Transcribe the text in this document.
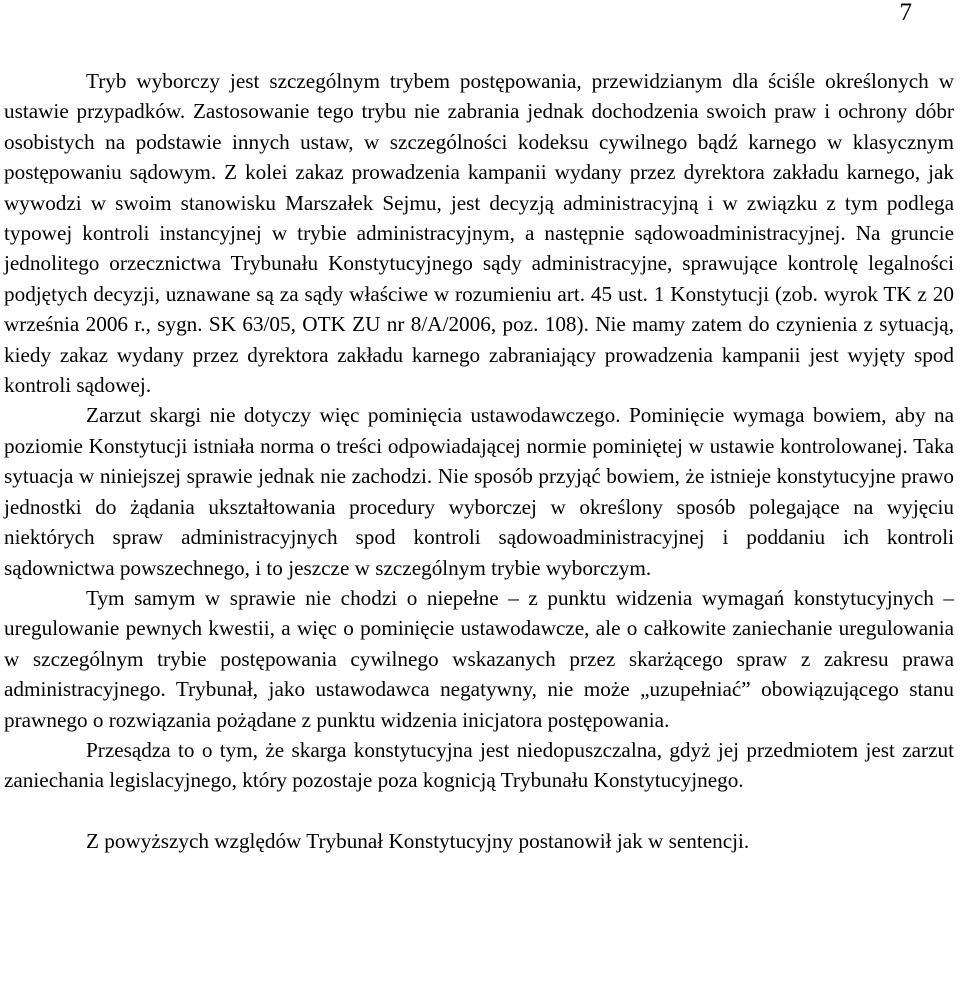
7

Tryb wyborczy jest szczególnym trybem postępowania, przewidzianym dla ściśle określonych w ustawie przypadków. Zastosowanie tego trybu nie zabrania jednak dochodzenia swoich praw i ochrony dóbr osobistych na podstawie innych ustaw, w szczególności kodeksu cywilnego bądź karnego w klasycznym postępowaniu sądowym. Z kolei zakaz prowadzenia kampanii wydany przez dyrektora zakładu karnego, jak wywodzi w swoim stanowisku Marszałek Sejmu, jest decyzją administracyjną i w związku z tym podlega typowej kontroli instancyjnej w trybie administracyjnym, a następnie sądowoadministracyjnej. Na gruncie jednolitego orzecznictwa Trybunału Konstytucyjnego sądy administracyjne, sprawujące kontrolę legalności podjętych decyzji, uznawane są za sądy właściwe w rozumieniu art. 45 ust. 1 Konstytucji (zob. wyrok TK z 20 września 2006 r., sygn. SK 63/05, OTK ZU nr 8/A/2006, poz. 108). Nie mamy zatem do czynienia z sytuacją, kiedy zakaz wydany przez dyrektora zakładu karnego zabraniający prowadzenia kampanii jest wyjęty spod kontroli sądowej.

Zarzut skargi nie dotyczy więc pominięcia ustawodawczego. Pominięcie wymaga bowiem, aby na poziomie Konstytucji istniała norma o treści odpowiadającej normie pominiętej w ustawie kontrolowanej. Taka sytuacja w niniejszej sprawie jednak nie zachodzi. Nie sposób przyjąć bowiem, że istnieje konstytucyjne prawo jednostki do żądania ukształtowania procedury wyborczej w określony sposób polegające na wyjęciu niektórych spraw administracyjnych spod kontroli sądowoadministracyjnej i poddaniu ich kontroli sądownictwa powszechnego, i to jeszcze w szczególnym trybie wyborczym.

Tym samym w sprawie nie chodzi o niepełne – z punktu widzenia wymagań konstytucyjnych – uregulowanie pewnych kwestii, a więc o pominięcie ustawodawcze, ale o całkowite zaniechanie uregulowania w szczególnym trybie postępowania cywilnego wskazanych przez skarżącego spraw z zakresu prawa administracyjnego. Trybunał, jako ustawodawca negatywny, nie może „uzupełniać” obowiązującego stanu prawnego o rozwiązania pożądane z punktu widzenia inicjatora postępowania.

Przesądza to o tym, że skarga konstytucyjna jest niedopuszczalna, gdyż jej przedmiotem jest zarzut zaniechania legislacyjnego, który pozostaje poza kognicją Trybunału Konstytucyjnego.

Z powyższych względów Trybunał Konstytucyjny postanowił jak w sentencji.
